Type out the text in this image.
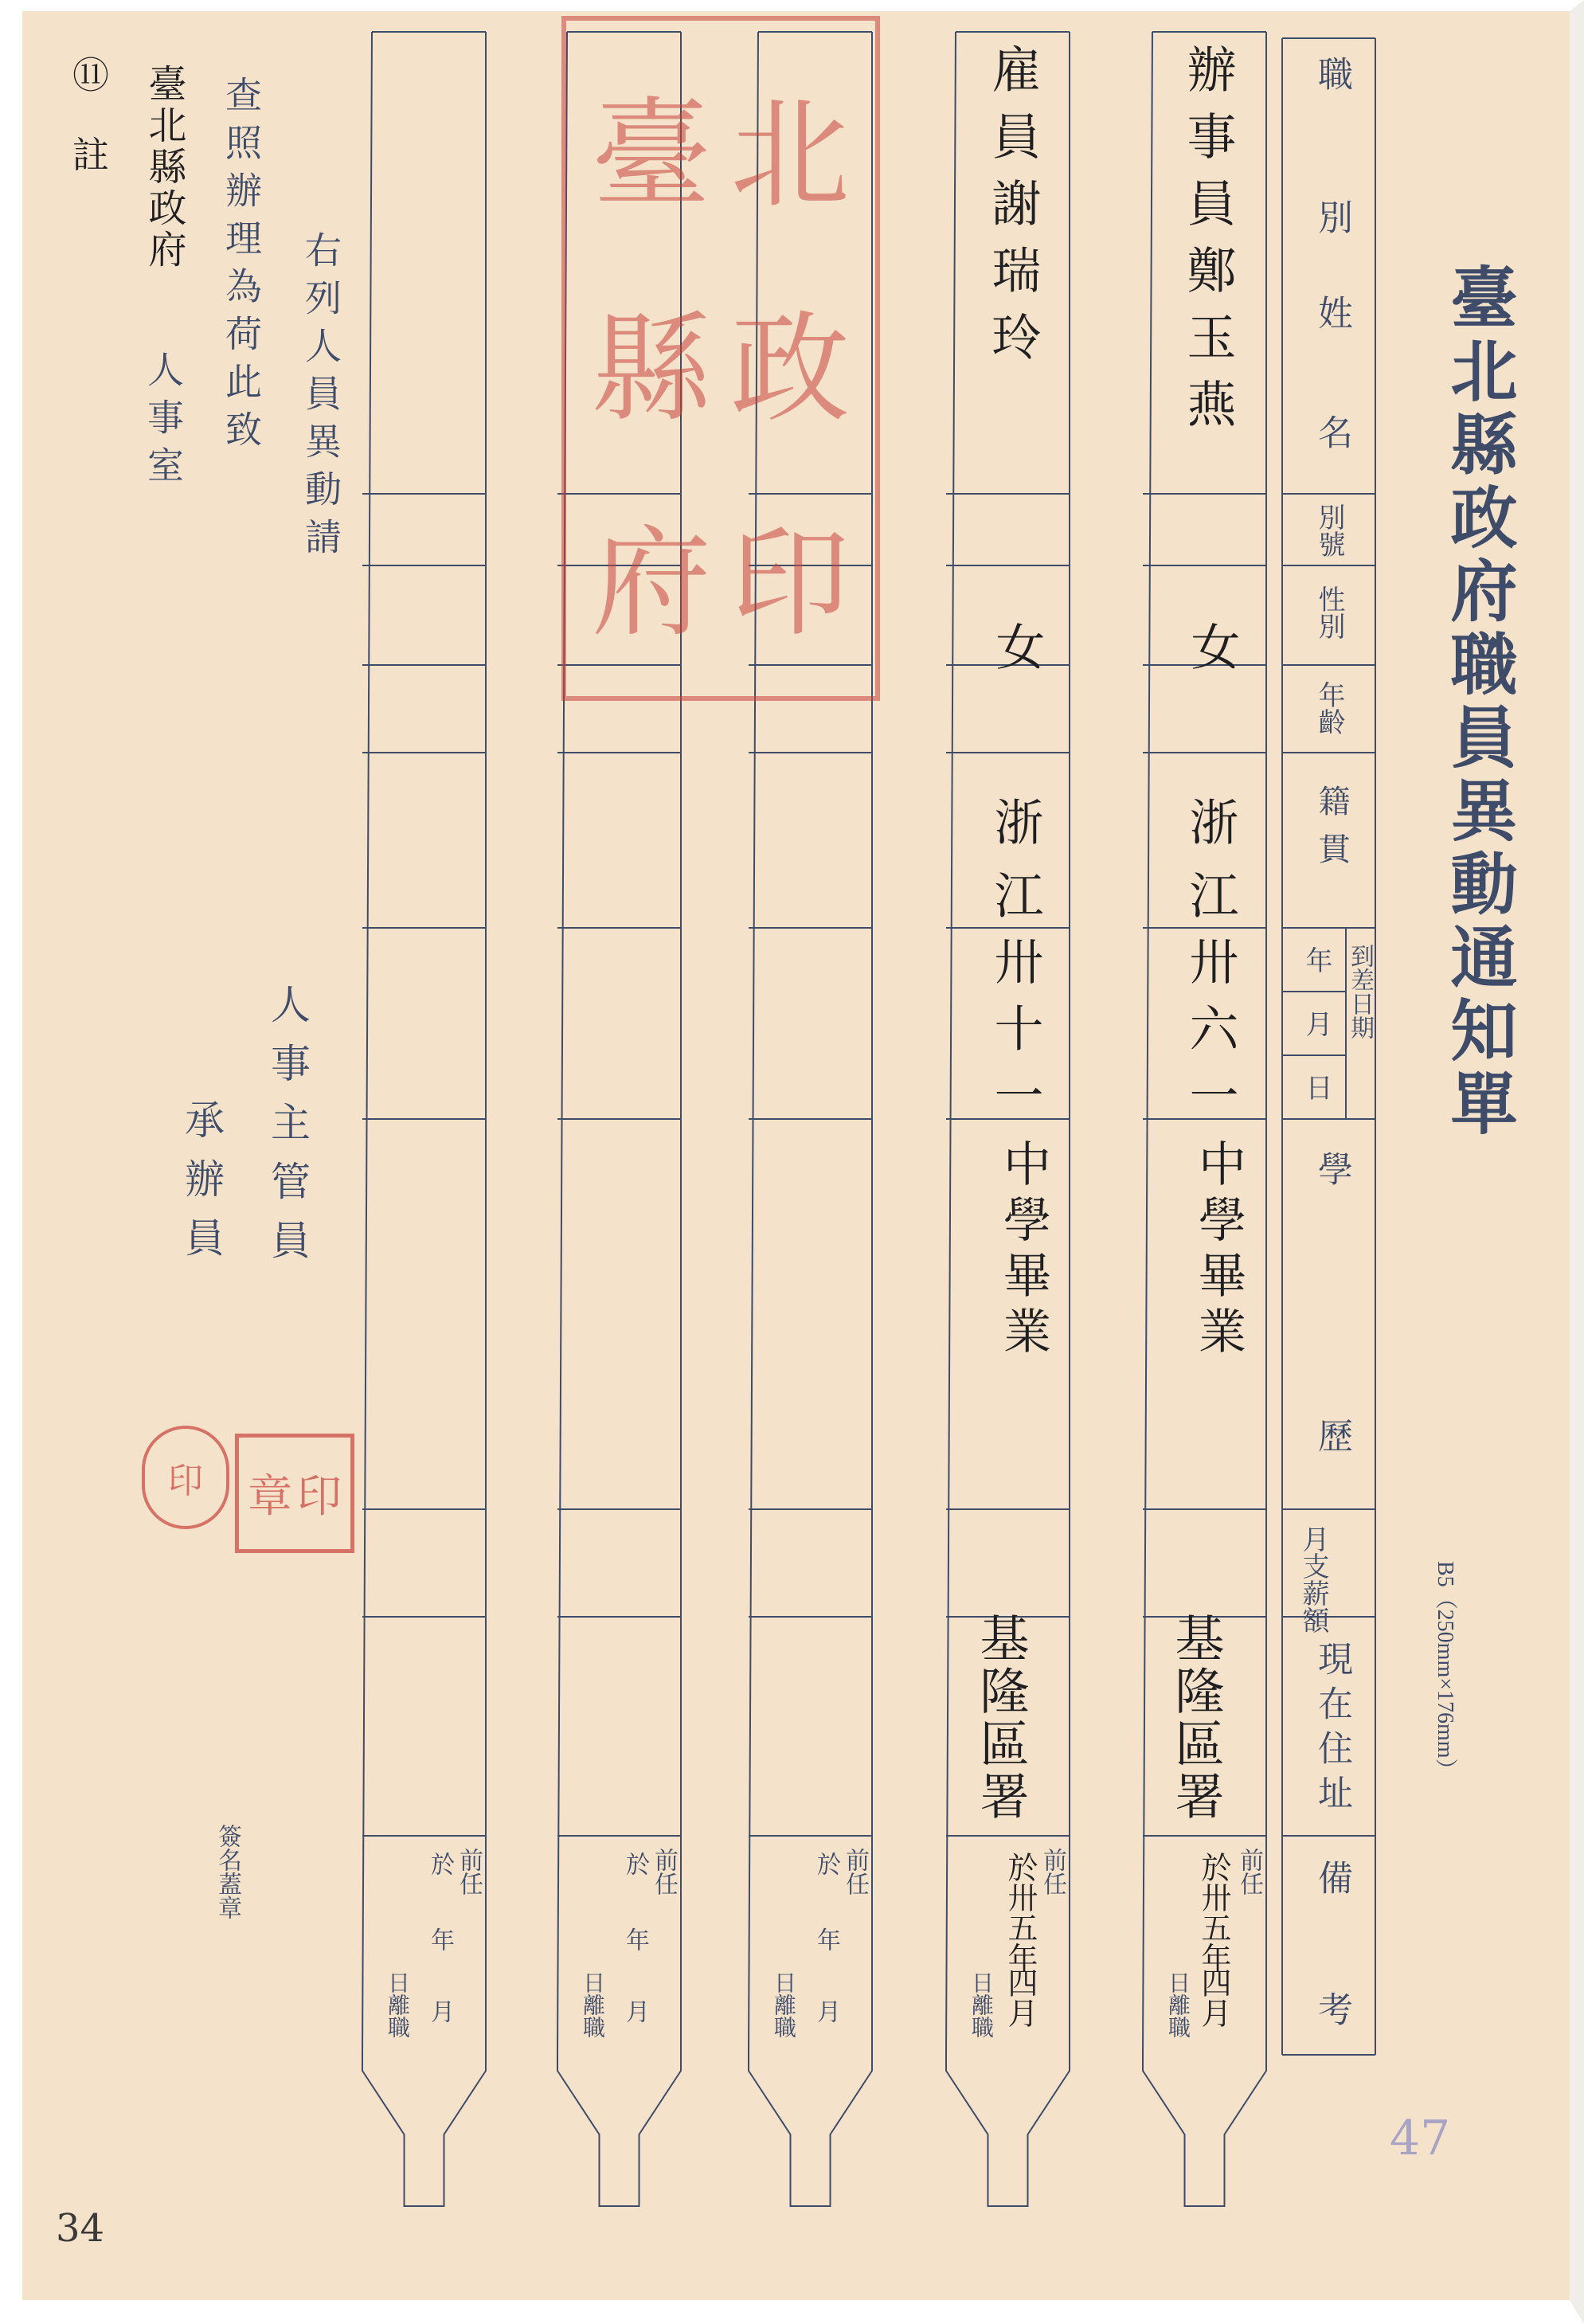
臺北縣政府職員異動通知單
B5（250mm×176mm）
職
別
姓
名
別號
性別
年齡
籍貫
到差日期
年
月
日
學
歷
月支薪額
現在住址
備
考
前任
日離職
前任
日離職
前任
於
年
月
日離職
前任
於
年
月
日離職
前任
於
年
月
日離職
辦事員鄭玉燕
女
浙江
卅六一
中學畢業
基隆區署
於卅五年
四月
雇員謝瑞玲
女
浙江
卅十一
中學畢業
基隆區署
於卅五年
四月
臺 北
縣 政
府 印
右列人員異動請
查照辦理為荷此致
臺北縣政府
人事室
⑪ 註
人事主管員
承辦員
簽名蓋章
章 印
印
34
47
請合法使用公開之影像
